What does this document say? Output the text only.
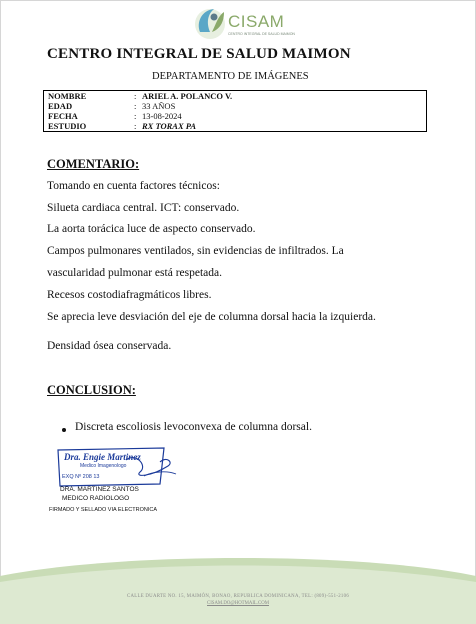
CISAM
CENTRO INTEGRAL DE SALUD MAIMON
CENTRO INTEGRAL DE SALUD MAIMON
DEPARTAMENTO DE IMÁGENES
NOMBRE	: ARIEL A. POLANCO V.
EDAD	: 33 AÑOS
FECHA	: 13-08-2024
ESTUDIO	: RX TORAX PA
COMENTARIO:
Tomando en cuenta factores técnicos:
Silueta cardiaca central. ICT: conservado.
La aorta torácica luce de aspecto conservado.
Campos pulmonares ventilados, sin evidencias de infiltrados. La
vascularidad pulmonar está respetada.
Recesos costodiafragmáticos libres.
Se aprecia leve desviación del eje de columna dorsal hacia la izquierda.
Densidad ósea conservada.
CONCLUSION:
Discreta escoliosis levoconvexa de columna dorsal.
Dra. Engie Martinez
Medico Imagenologo
EXQ Nº 208 13
DRA. MARTINEZ SANTOS
MEDICO RADIOLOGO
FIRMADO Y SELLADO VIA ELECTRONICA
CALLE DUARTE NO. 15, MAIMÓN, BONAO, REPUBLICA DOMINICANA, TEL: (809)-551-2106
CISAM.DO@HOTMAIL.COM
